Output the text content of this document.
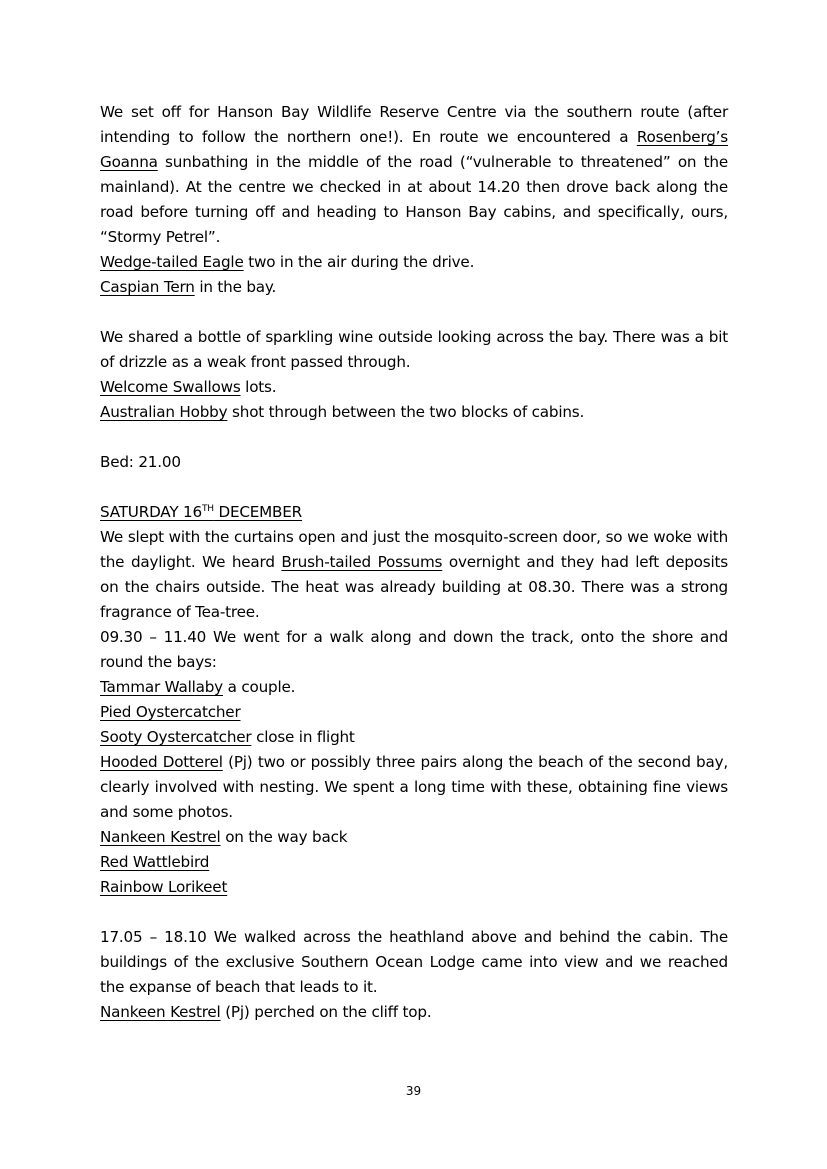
We set off for Hanson Bay Wildlife Reserve Centre via the southern route (after intending to follow the northern one!). En route we encountered a Rosenberg’s Goanna sunbathing in the middle of the road (“vulnerable to threatened” on the mainland). At the centre we checked in at about 14.20 then drove back along the road before turning off and heading to Hanson Bay cabins, and specifically, ours, “Stormy Petrel”.

Wedge-tailed Eagle two in the air during the drive.

Caspian Tern in the bay.

We shared a bottle of sparkling wine outside looking across the bay. There was a bit of drizzle as a weak front passed through.

Welcome Swallows lots.

Australian Hobby shot through between the two blocks of cabins.

Bed: 21.00

SATURDAY 16TH DECEMBER

We slept with the curtains open and just the mosquito-screen door, so we woke with the daylight. We heard Brush-tailed Possums overnight and they had left deposits on the chairs outside. The heat was already building at 08.30. There was a strong fragrance of Tea-tree.

09.30 – 11.40 We went for a walk along and down the track, onto the shore and round the bays:

Tammar Wallaby a couple.

Pied Oystercatcher

Sooty Oystercatcher close in flight

Hooded Dotterel (Pj) two or possibly three pairs along the beach of the second bay, clearly involved with nesting. We spent a long time with these, obtaining fine views and some photos.

Nankeen Kestrel on the way back

Red Wattlebird

Rainbow Lorikeet

17.05 – 18.10 We walked across the heathland above and behind the cabin. The buildings of the exclusive Southern Ocean Lodge came into view and we reached the expanse of beach that leads to it.

Nankeen Kestrel (Pj) perched on the cliff top.

39
